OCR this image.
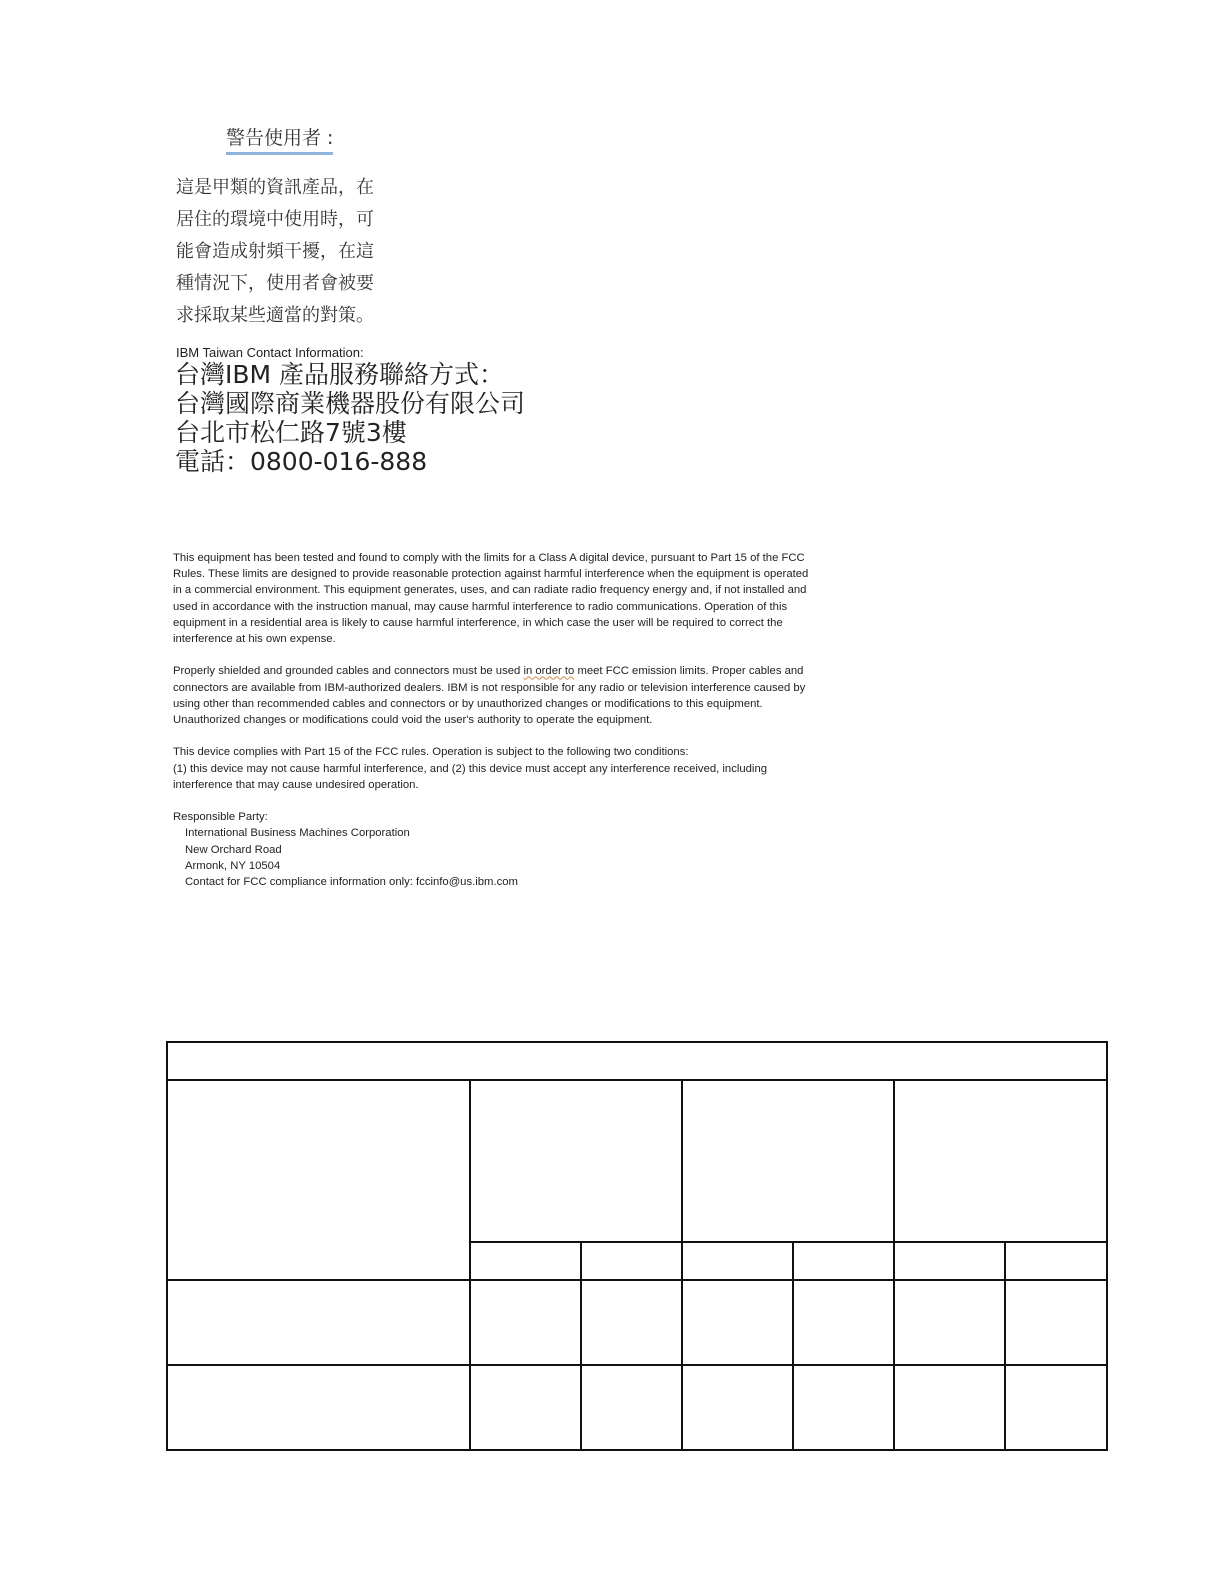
警告使用者 :
這是甲類的資訊產品，在
居住的環境中使用時，可
能會造成射頻干擾，在這
種情況下，使用者會被要
求採取某些適當的對策。
IBM Taiwan Contact Information:
台灣IBM 產品服務聯絡方式：
台灣國際商業機器股份有限公司
台北市松仁路7號3樓
電話：0800-016-888

This equipment has been tested and found to comply with the limits for a Class A digital device, pursuant to Part 15 of the FCC Rules. These limits are designed to provide reasonable protection against harmful interference when the equipment is operated in a commercial environment. This equipment generates, uses, and can radiate radio frequency energy and, if not installed and used in accordance with the instruction manual, may cause harmful interference to radio communications. Operation of this equipment in a residential area is likely to cause harmful interference, in which case the user will be required to correct the interference at his own expense.

Properly shielded and grounded cables and connectors must be used in order to meet FCC emission limits. Proper cables and connectors are available from IBM-authorized dealers. IBM is not responsible for any radio or television interference caused by using other than recommended cables and connectors or by unauthorized changes or modifications to this equipment. Unauthorized changes or modifications could void the user's authority to operate the equipment.

This device complies with Part 15 of the FCC rules. Operation is subject to the following two conditions:
(1) this device may not cause harmful interference, and (2) this device must accept any interference received, including interference that may cause undesired operation.

Responsible Party:
International Business Machines Corporation
New Orchard Road
Armonk, NY 10504
Contact for FCC compliance information only: fccinfo@us.ibm.com
